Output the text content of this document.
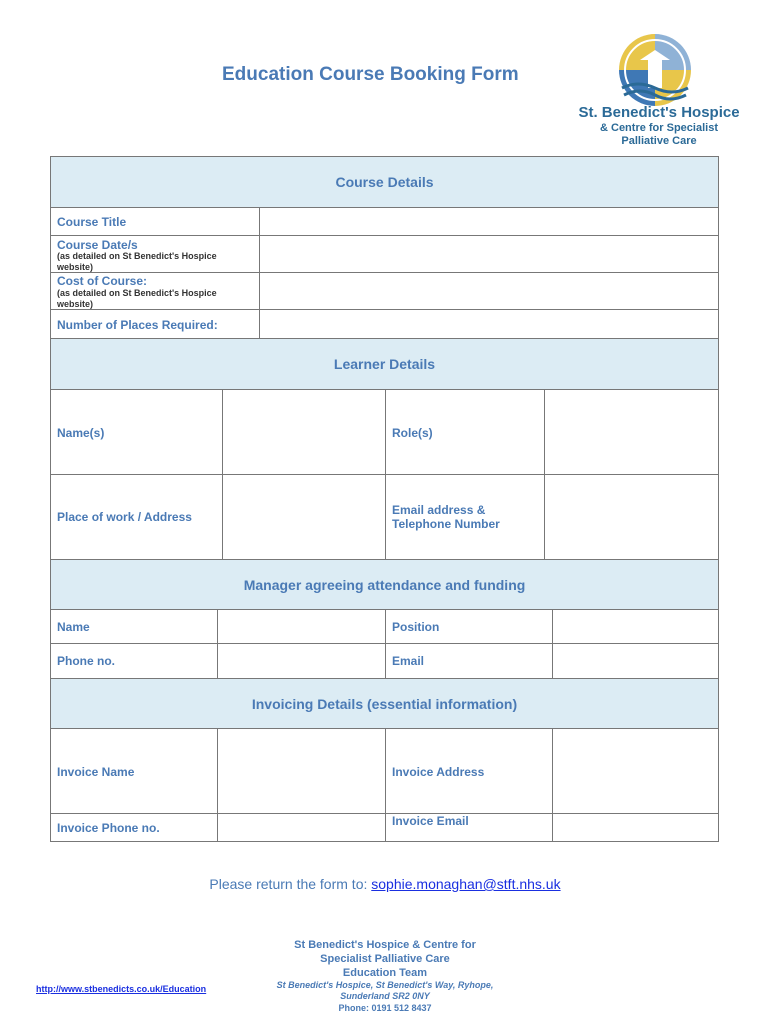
Education Course Booking Form
St. Benedict's Hospice
& Centre for Specialist
Palliative Care
Course Details
Course Title
Course Date/s
(as detailed on St Benedict's Hospice website)
Cost of Course:
(as detailed on St Benedict's Hospice website)
Number of Places Required:
Learner Details
Name(s)	Role(s)
Place of work / Address	Email address &
Telephone Number
Manager agreeing attendance and funding
Name	Position
Phone no.	Email
Invoicing Details (essential information)
Invoice Name	Invoice Address
Invoice Phone no.	Invoice Email
Please return the form to: sophie.monaghan@stft.nhs.uk
St Benedict's Hospice & Centre for
Specialist Palliative Care
Education Team
St Benedict's Hospice, St Benedict's Way, Ryhope,
Sunderland SR2 0NY
Phone: 0191 512 8437
http://www.stbenedicts.co.uk/Education
